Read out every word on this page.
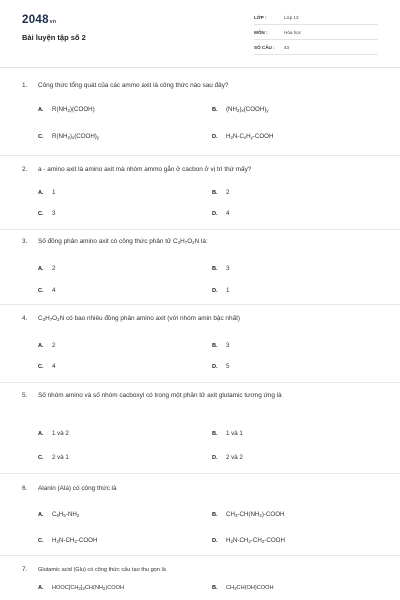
2048vn
Bài luyện tập số 2
LỚP :	Lớp 12
MÔN :	Hóa học
SỐ CÂU : 43
1. Công thức tổng quát của các ammo axit là công thức nào sau đây?
A. $R(NH_2)(COOH)$	B. $(NH_2)_x(COOH)_y$
C. $R(NH_2)_x(COOH)_y$	D. $H_2N-C_xH_y$-COOH
2. a - amino axit là amino axit mà nhóm ammo gắn ở cacbon ở vị trí thứ mấy?
A. 1	B. 2
C. 3	D. 4
3. Số đồng phân amino axit có công thức phân tử $C_3H_7O_2N$ là:
A. 2	B. 3
C. 4	D. 1
4. $C_3H_7O_2N$ có bao nhiêu đồng phân amino axit (với nhóm amin bậc nhất)
A. 2	B. 3
C. 4	D. 5
5. Số nhóm amino và số nhóm cacboxyl có trong một phân tử axit glutamic tương ứng là
A. 1 và 2	B. 1 và 1
C. 2 và 1	D. 2 và 2
6. Alanin (Ala) có công thức là
A. $C_6H_5-NH_2$	B. $CH_3-CH(NH_2)$-COOH
C. $H_2N-CH_2$-COOH	D. $H_2N-CH_2-CH_2$-COOH
7. Glutamic acid (Glu) có công thức cấu tạo thu gọn là
A. $HOOC[CH_2]_2CH(NH_2)COOH$	B. $CH_3CH(OH)COOH$
